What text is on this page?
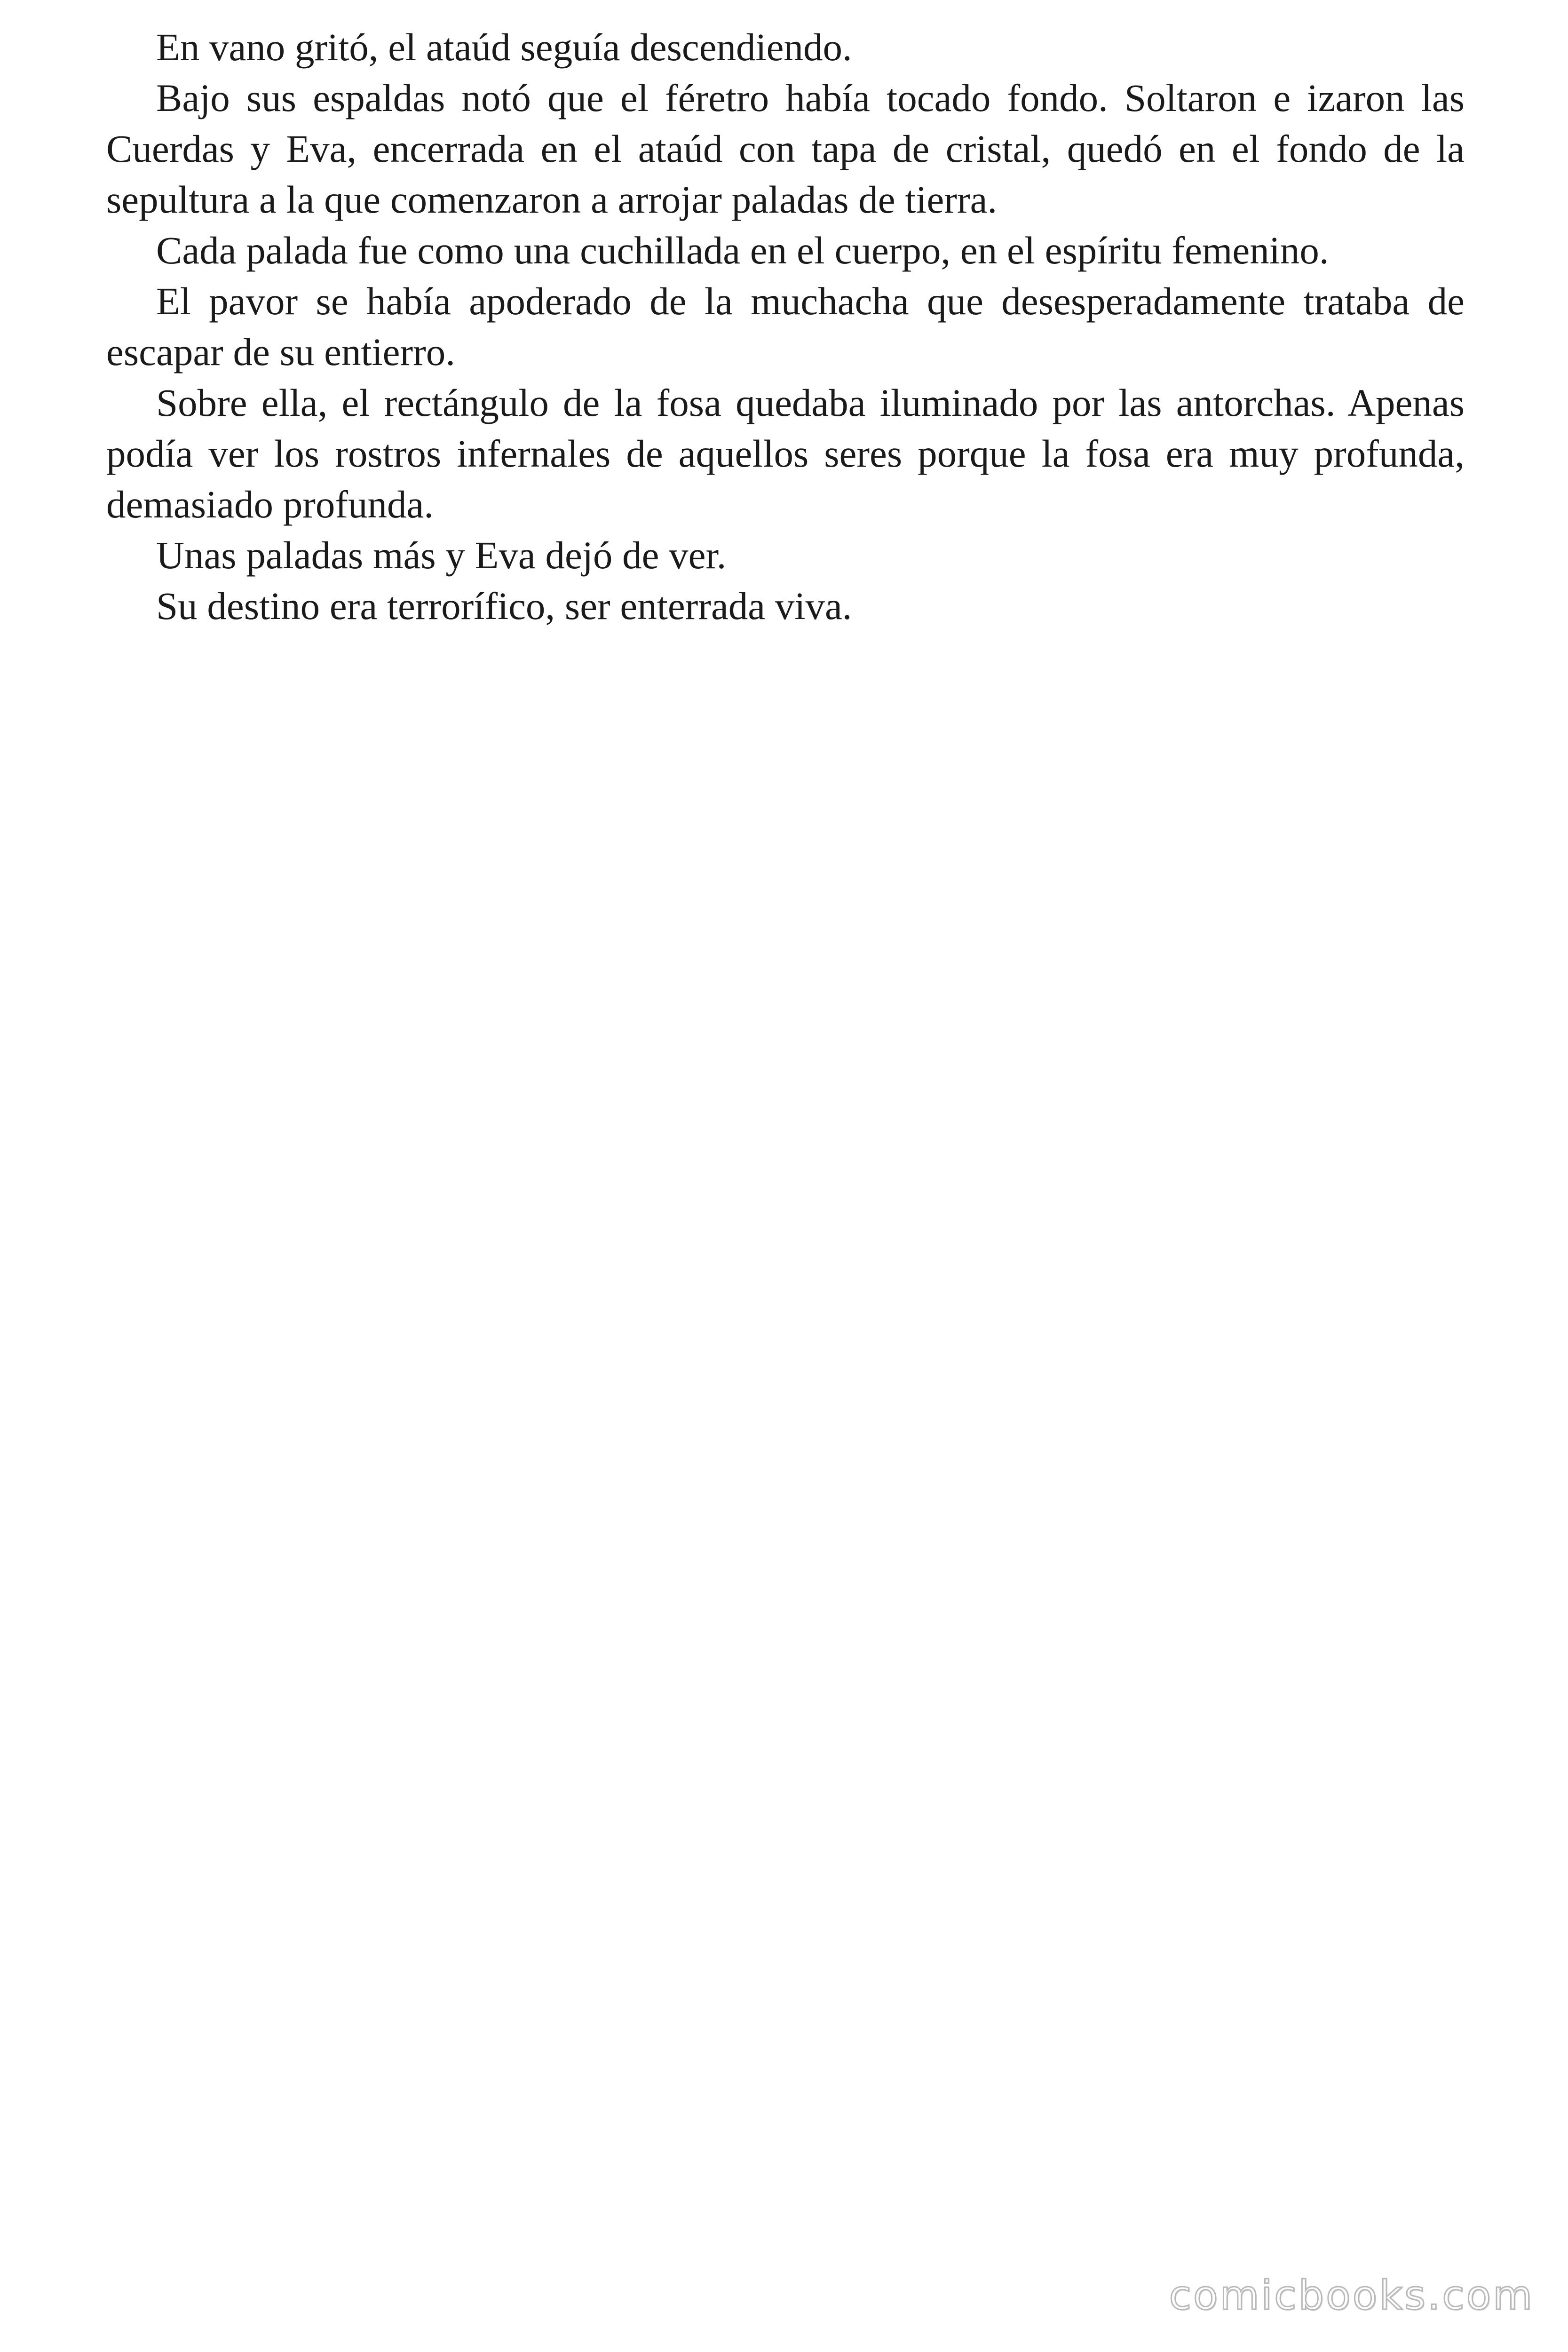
En vano gritó, el ataúd seguía descendiendo.

Bajo sus espaldas notó que el féretro había tocado fondo. Soltaron e izaron las Cuerdas y Eva, encerrada en el ataúd con tapa de cristal, quedó en el fondo de la sepultura a la que comenzaron a arrojar paladas de tierra.

Cada palada fue como una cuchillada en el cuerpo, en el espíritu femenino.

El pavor se había apoderado de la muchacha que desesperadamente trataba de escapar de su entierro.

Sobre ella, el rectángulo de la fosa quedaba iluminado por las antorchas. Apenas podía ver los rostros infernales de aquellos seres porque la fosa era muy profunda, demasiado profunda.

Unas paladas más y Eva dejó de ver.

Su destino era terrorífico, ser enterrada viva.

comicbooks.com
